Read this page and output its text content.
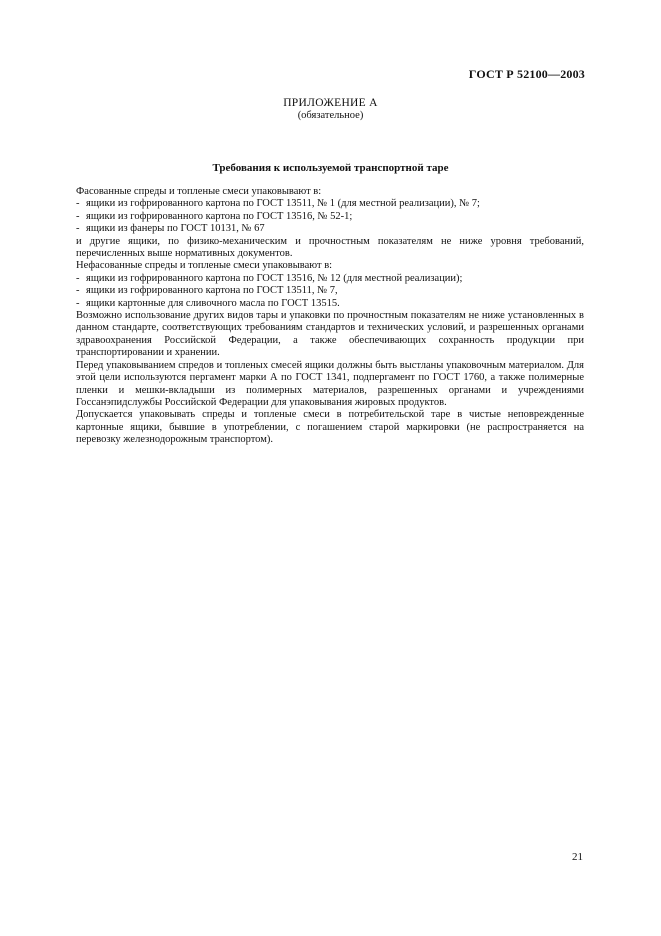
ГОСТ Р 52100—2003
ПРИЛОЖЕНИЕ А
(обязательное)
Требования к используемой транспортной таре

Фасованные спреды и топленые смеси упаковывают в:

- ящики из гофрированного картона по ГОСТ 13511, № 1 (для местной реализации), № 7;
- ящики из гофрированного картона по ГОСТ 13516, № 52-1;
- ящики из фанеры по ГОСТ 10131, № 67

и другие ящики, по физико-механическим и прочностным показателям не ниже уровня требований, перечисленных выше нормативных документов.

Нефасованные спреды и топленые смеси упаковывают в:

- ящики из гофрированного картона по ГОСТ 13516, № 12 (для местной реализации);
- ящики из гофрированного картона по ГОСТ 13511, № 7,
- ящики картонные для сливочного масла по ГОСТ 13515.

Возможно использование других видов тары и упаковки по прочностным показателям не ниже установленных в данном стандарте, соответствующих требованиям стандартов и технических условий, и разрешенных органами здравоохранения Российской Федерации, а также обеспечивающих сохранность продукции при транспортировании и хранении.

Перед упаковыванием спредов и топленых смесей ящики должны быть выстланы упаковочным материалом. Для этой цели используются пергамент марки А по ГОСТ 1341, подпергамент по ГОСТ 1760, а также полимерные пленки и мешки-вкладыши из полимерных материалов, разрешенных органами и учреждениями Госсанэпидслужбы Российской Федерации для упаковывания жировых продуктов.

Допускается упаковывать спреды и топленые смеси в потребительской таре в чистые неповрежденные картонные ящики, бывшие в употреблении, с погашением старой маркировки (не распространяется на перевозку железнодорожным транспортом).

21
